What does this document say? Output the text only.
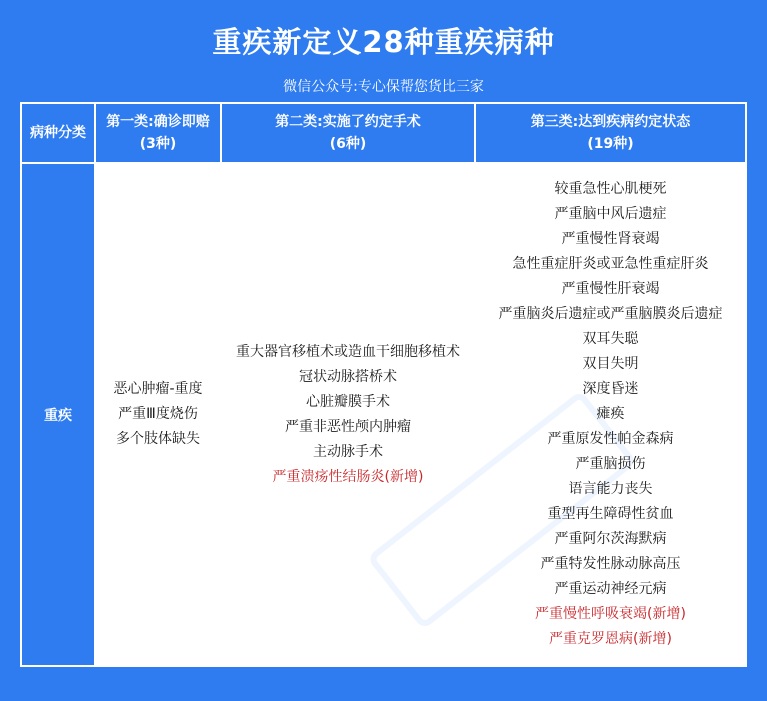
重疾新定义28种重疾病种
微信公众号:专心保帮您货比三家
病种分类
第一类:确诊即赔
(3种)
第二类:实施了约定手术
(6种)
第三类:达到疾病约定状态
(19种)
重疾
恶心肿瘤-重度
严重Ⅲ度烧伤
多个肢体缺失
重大器官移植术或造血干细胞移植术
冠状动脉搭桥术
心脏瓣膜手术
严重非恶性颅内肿瘤
主动脉手术
严重溃疡性结肠炎(新增)
较重急性心肌梗死
严重脑中风后遗症
严重慢性肾衰竭
急性重症肝炎或亚急性重症肝炎
严重慢性肝衰竭
严重脑炎后遗症或严重脑膜炎后遗症
双耳失聪
双目失明
深度昏迷
瘫痪
严重原发性帕金森病
严重脑损伤
语言能力丧失
重型再生障碍性贫血
严重阿尔茨海默病
严重特发性脉动脉高压
严重运动神经元病
严重慢性呼吸衰竭(新增)
严重克罗恩病(新增)
